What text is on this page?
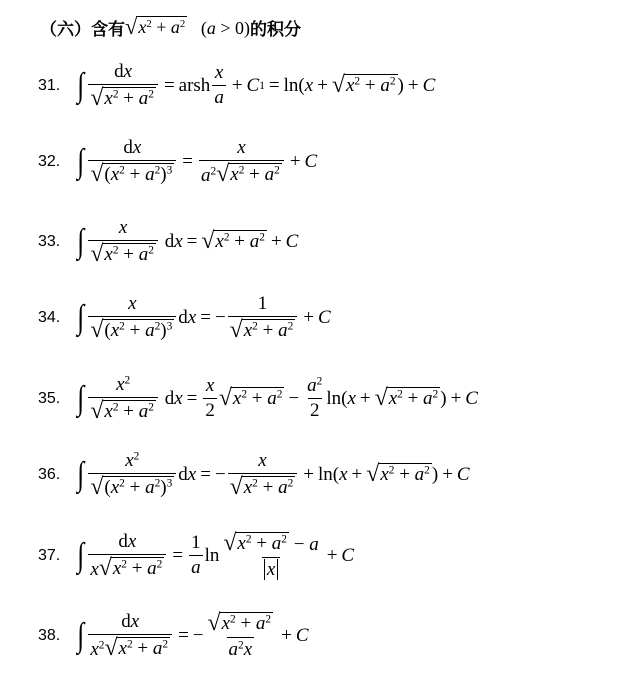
（六）含有 √ $x^2 + a^2$ (a > 0) 的积分
31. ∫ $\frac{dx}{√ x^2 + a^2}$ = arsh $\frac{x}{a} + C$ 1 = ln( x + √ $x^2 + a^2$ ) + C
32. ∫ $\frac{dx}{√ (x^2 + a^2)^3} = \frac{x}{a^2 √ x^2 + a^2} + C$
33. ∫ $\frac{x}{√ x^2 + a^2}$ d x = √ $x^2 + a^2 + C$
34. ∫ $\frac{x}{√ (x^2 + a^2)^3}$ d x = − $\frac{1}{√ x^2 + a^2} + C$
35. ∫ $\frac{x^2}{√ x^2 + a^2}$ d $x = \frac{x}{2}$ √ $x^2 + a^2 - \frac{a^2}{2} \ln$( x + √ $x^2 + a^2$ ) + C
36. ∫ $\frac{x^2}{√ (x^2 + a^2)^3}$ d x = − $\frac{x}{√ x^2 + a^2} + \ln$( x + √ $x^2 + a^2$ ) + C
37. ∫ $\frac{dx}{x √ x^2 + a^2} = \frac{1}{a}$ $\ln \frac{√ x^2 + a^2 - a}{x} + C$
38. ∫ $\frac{dx}{x^2 √ x^2 + a^2}$ = − $\frac{√ x^2 + a^2}{a^2x} + C$
